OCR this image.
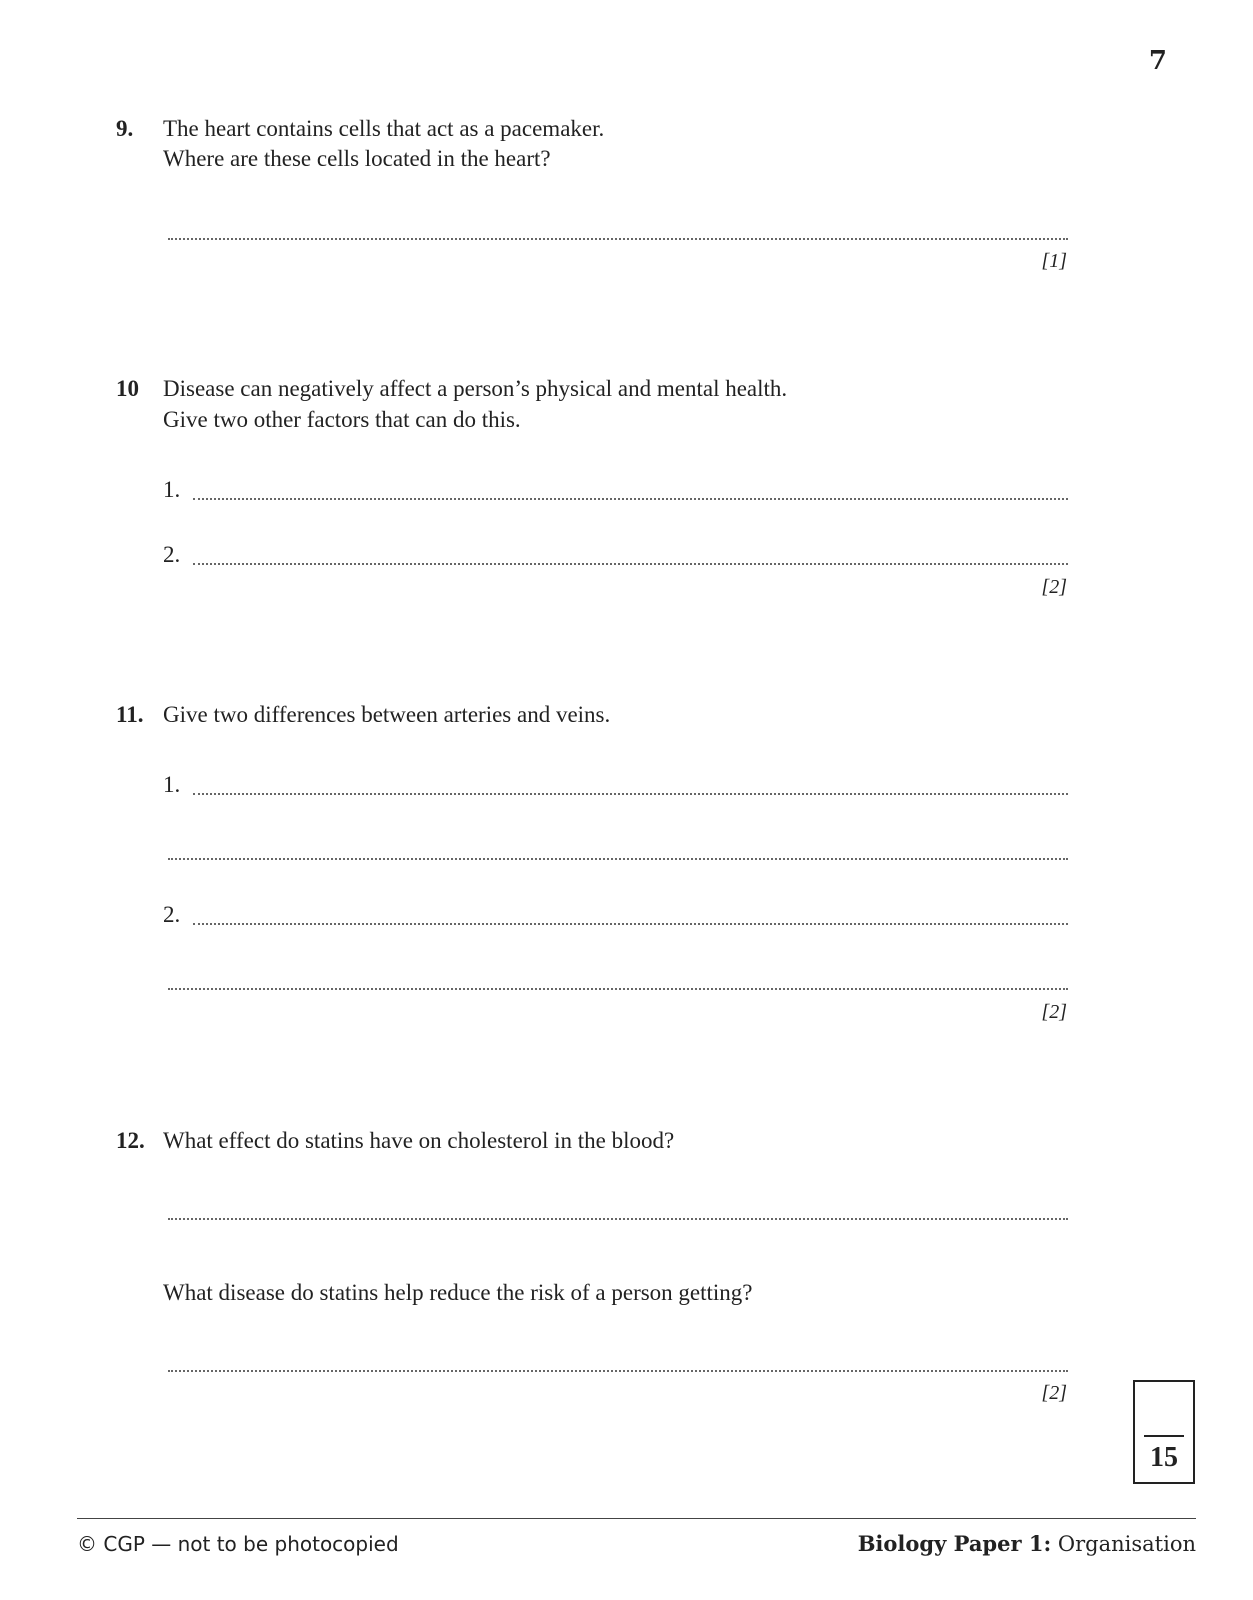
7
9. The heart contains cells that act as a pacemaker.
Where are these cells located in the heart?
[1]
10 Disease can negatively affect a person’s physical and mental health.
Give two other factors that can do this.
1.
2.
[2]
11. Give two differences between arteries and veins.
1.
2.
[2]
12. What effect do statins have on cholesterol in the blood?
What disease do statins help reduce the risk of a person getting?
[2]
15
© CGP — not to be photocopied	Biology Paper 1: Organisation
